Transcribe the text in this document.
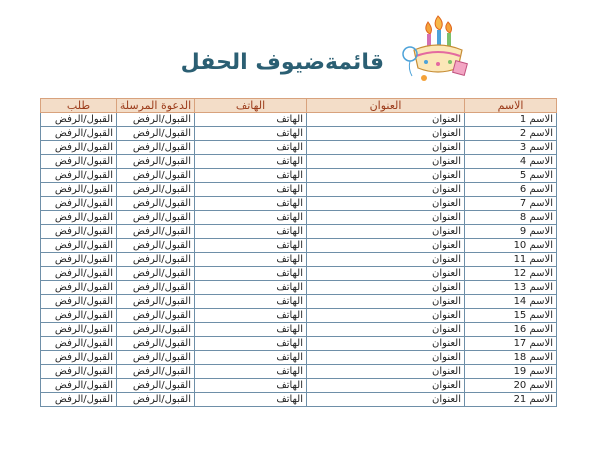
قائمةضيوف الحفل
الاسم	العنوان	الهاتف	الدعوة المرسلة	طلب
الاسم 1	العنوان	الهاتف	القبول/الرفض	القبول/الرفض
الاسم 2	العنوان	الهاتف	القبول/الرفض	القبول/الرفض
الاسم 3	العنوان	الهاتف	القبول/الرفض	القبول/الرفض
الاسم 4	العنوان	الهاتف	القبول/الرفض	القبول/الرفض
الاسم 5	العنوان	الهاتف	القبول/الرفض	القبول/الرفض
الاسم 6	العنوان	الهاتف	القبول/الرفض	القبول/الرفض
الاسم 7	العنوان	الهاتف	القبول/الرفض	القبول/الرفض
الاسم 8	العنوان	الهاتف	القبول/الرفض	القبول/الرفض
الاسم 9	العنوان	الهاتف	القبول/الرفض	القبول/الرفض
الاسم 10	العنوان	الهاتف	القبول/الرفض	القبول/الرفض
الاسم 11	العنوان	الهاتف	القبول/الرفض	القبول/الرفض
الاسم 12	العنوان	الهاتف	القبول/الرفض	القبول/الرفض
الاسم 13	العنوان	الهاتف	القبول/الرفض	القبول/الرفض
الاسم 14	العنوان	الهاتف	القبول/الرفض	القبول/الرفض
الاسم 15	العنوان	الهاتف	القبول/الرفض	القبول/الرفض
الاسم 16	العنوان	الهاتف	القبول/الرفض	القبول/الرفض
الاسم 17	العنوان	الهاتف	القبول/الرفض	القبول/الرفض
الاسم 18	العنوان	الهاتف	القبول/الرفض	القبول/الرفض
الاسم 19	العنوان	الهاتف	القبول/الرفض	القبول/الرفض
الاسم 20	العنوان	الهاتف	القبول/الرفض	القبول/الرفض
الاسم 21	العنوان	الهاتف	القبول/الرفض	القبول/الرفض
